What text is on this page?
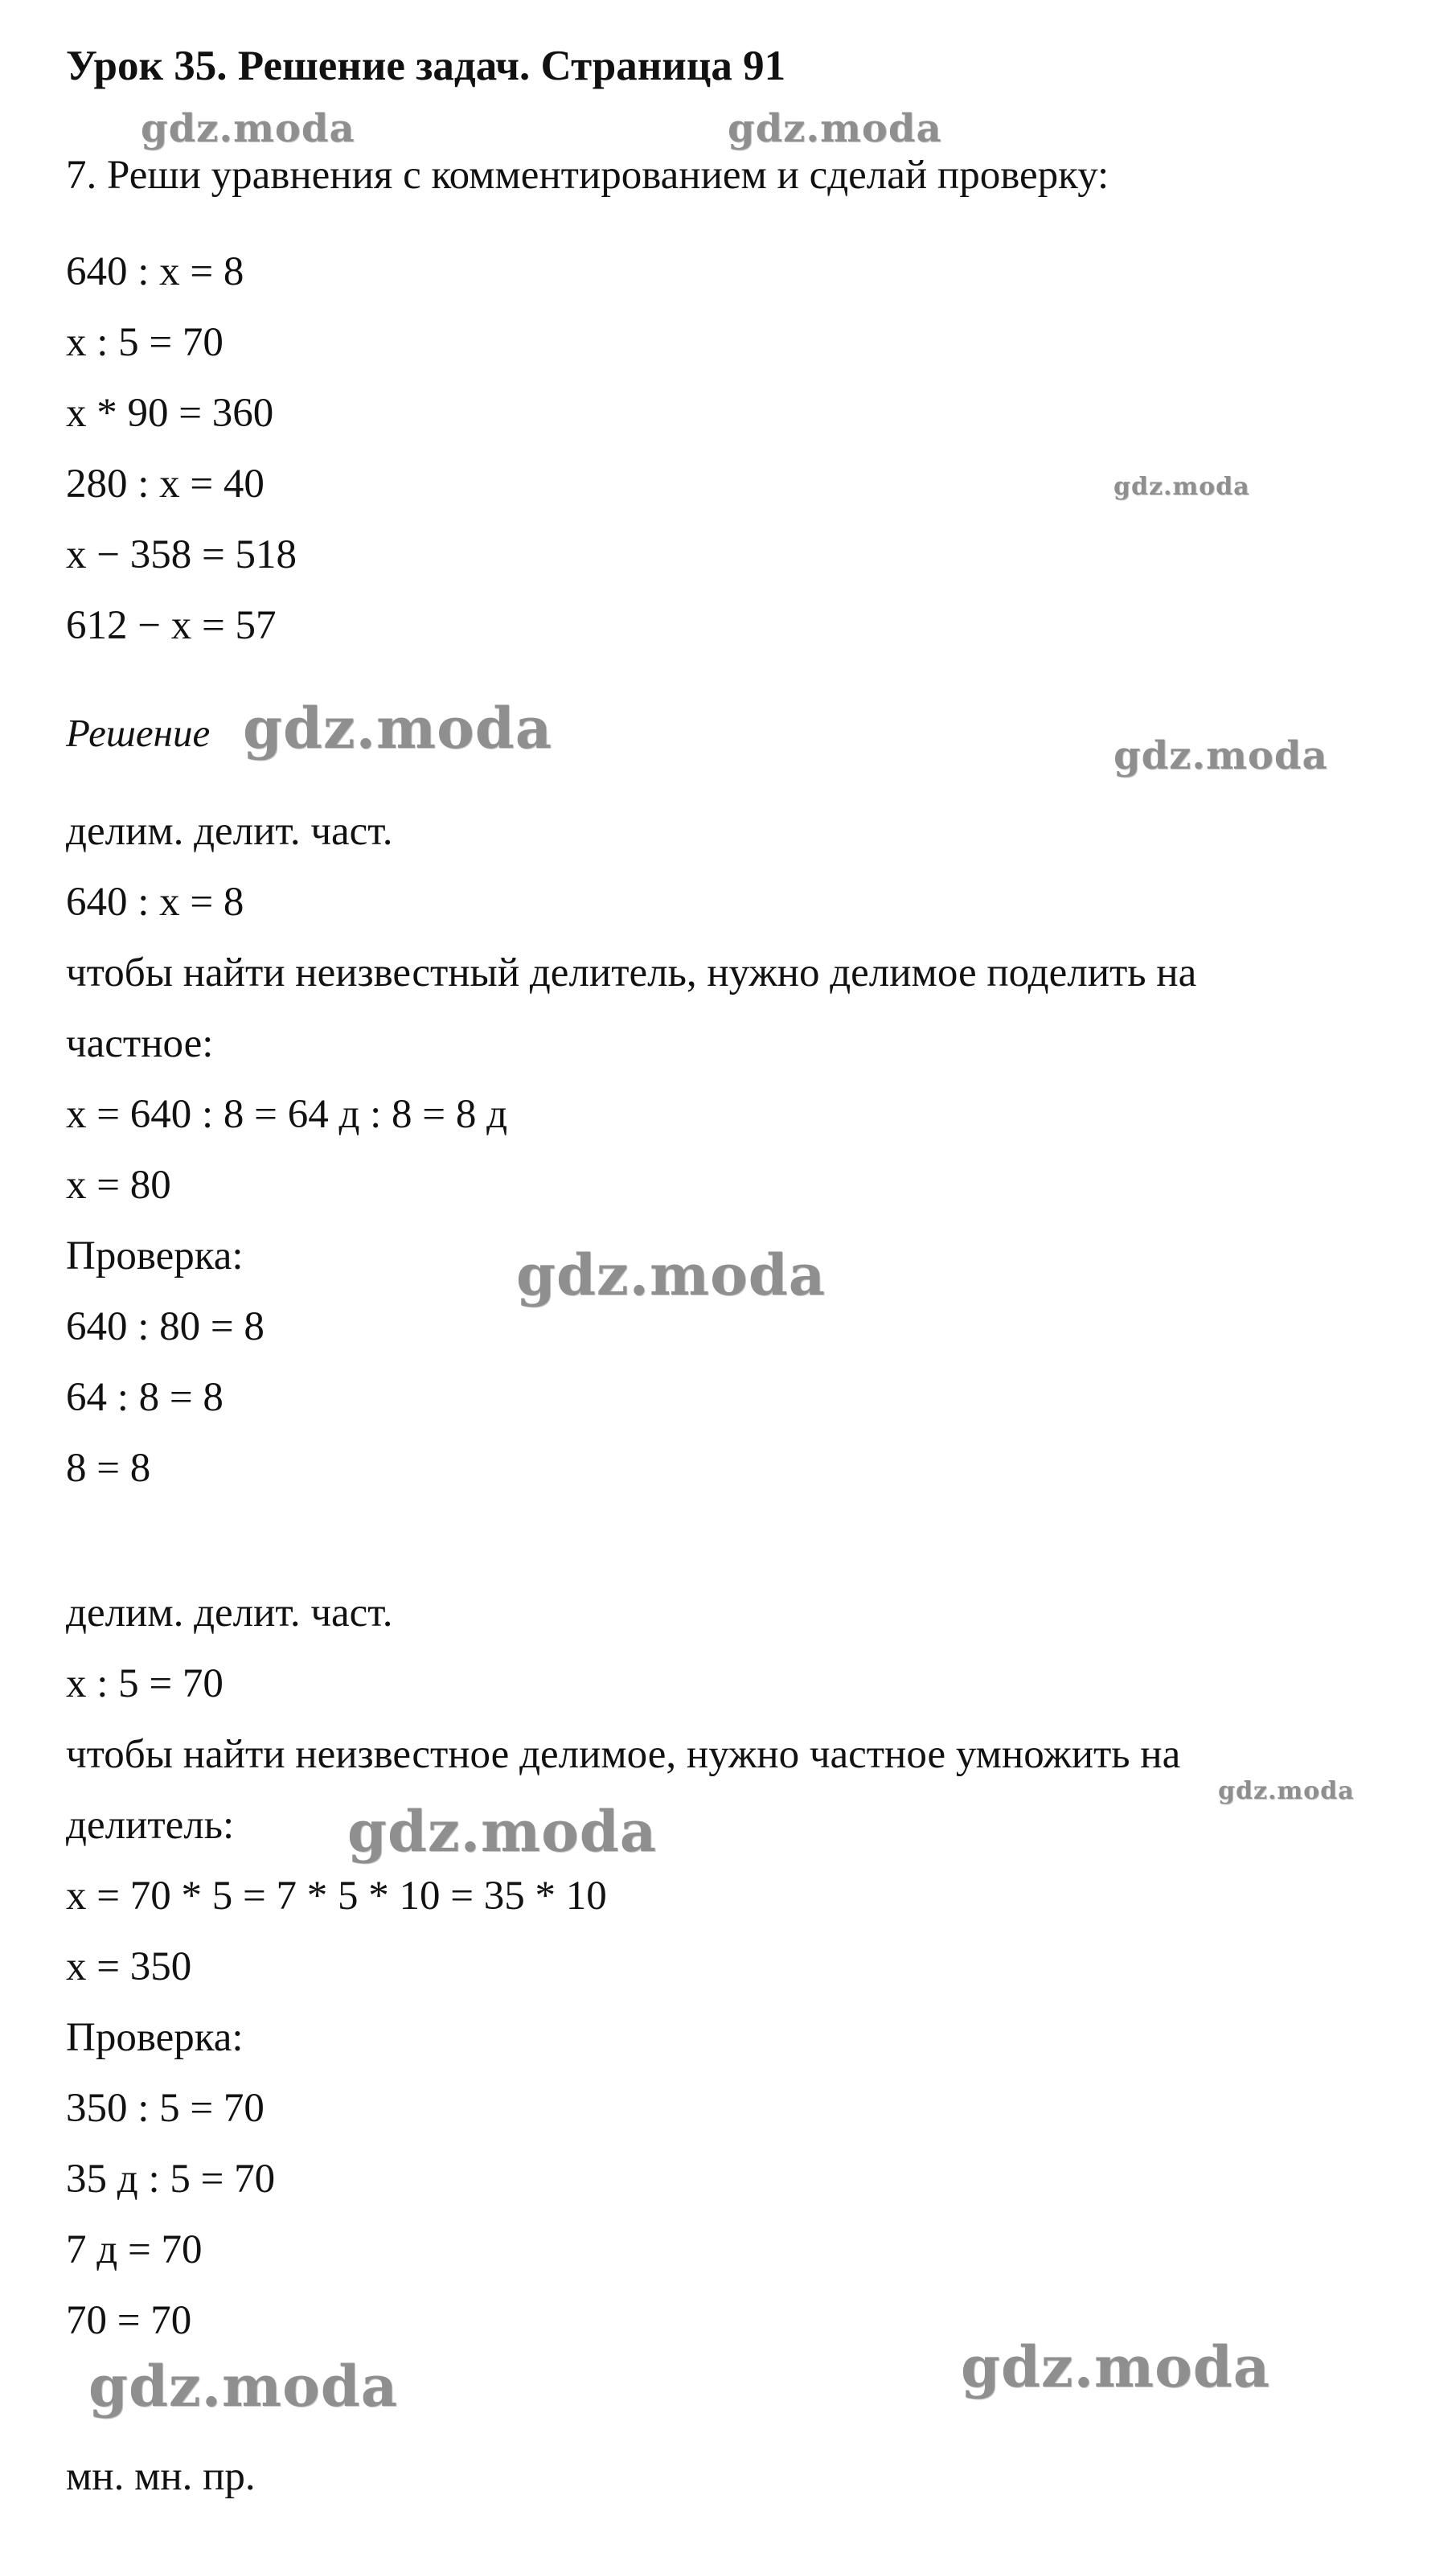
Урок 35. Решение задач. Страница 91
7. Реши уравнения с комментированием и сделай проверку:
640 : x = 8
x : 5 = 70
x * 90 = 360
280 : x = 40
x − 358 = 518
612 − x = 57
Решение
делим. делит. част.
640 : x = 8
чтобы найти неизвестный делитель, нужно делимое поделить на
частное:
x = 640 : 8 = 64 д : 8 = 8 д
x = 80
Проверка:
640 : 80 = 8
64 : 8 = 8
8 = 8
делим. делит. част.
x : 5 = 70
чтобы найти неизвестное делимое, нужно частное умножить на
делитель:
x = 70 * 5 = 7 * 5 * 10 = 35 * 10
x = 350
Проверка:
350 : 5 = 70
35 д : 5 = 70
7 д = 70
70 = 70
мн. мн. пр.
gdz.moda	gdz.moda
gdz.moda
gdz.moda	gdz.moda
gdz.moda
gdz.moda
gdz.moda
gdz.moda	gdz.moda
